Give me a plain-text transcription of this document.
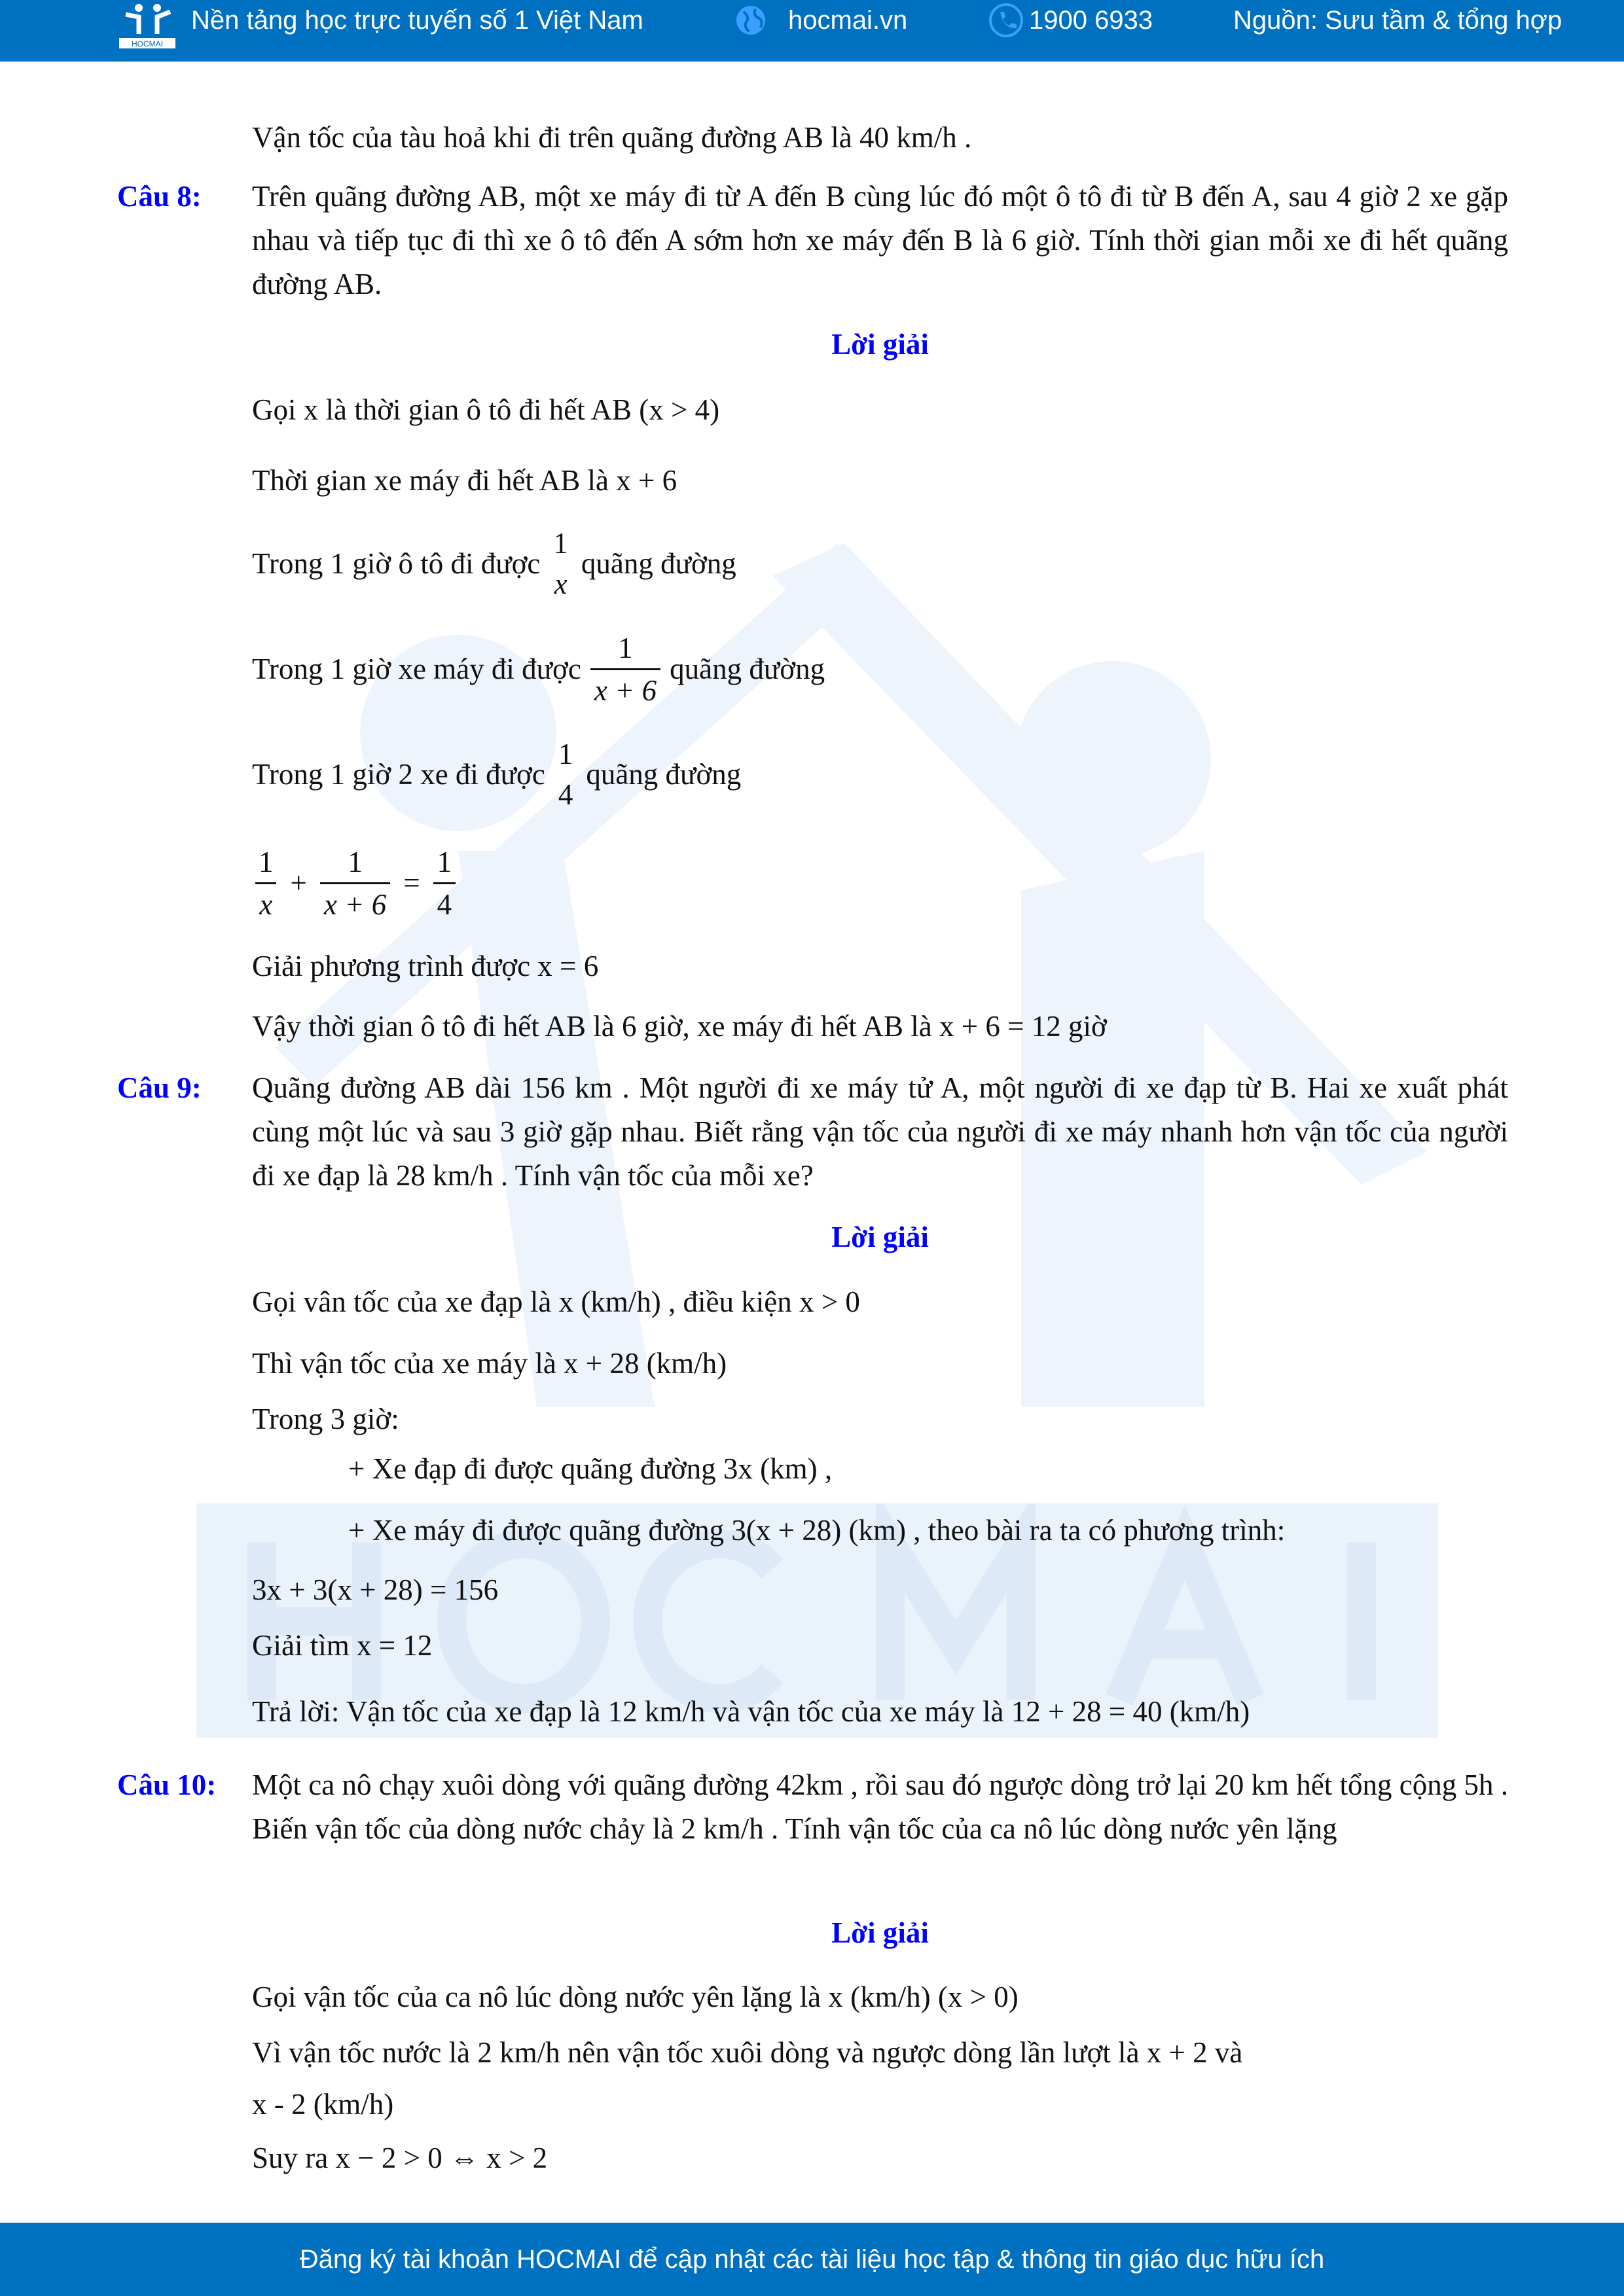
HOCMAI
Nền tảng học trực tuyến số 1 Việt Nam	hocmai.vn	1900 6933	Nguồn: Sưu tầm & tổng hợp
Vận tốc của tàu hoả khi đi trên quãng đường AB là 40 km/h .
Câu 8: Trên quãng đường AB, một xe máy đi từ A đến B cùng lúc đó một ô tô đi từ B đến A, sau 4 giờ 2 xe gặp nhau và tiếp tục đi thì xe ô tô đến A sớm hơn xe máy đến B là 6 giờ. Tính thời gian mỗi xe đi hết quãng đường AB.
Lời giải
Gọi x là thời gian ô tô đi hết AB (x > 4)
Thời gian xe máy đi hết AB là x + 6
Trong 1 giờ ô tô đi được
1
x
quãng đường
Trong 1 giờ xe máy đi được $\frac{1}{x + 6}$ quãng đường
Trong 1 giờ 2 xe đi được
1
4
quãng đường
$\frac{1}{x} + \frac{1}{x + 6} = \frac{1}{4}$
Giải phương trình được x = 6
Vậy thời gian ô tô đi hết AB là 6 giờ, xe máy đi hết AB là x + 6 = 12 giờ
Câu 9: Quãng đường AB dài 156 km . Một người đi xe máy tử A, một người đi xe đạp từ B. Hai xe xuất phát cùng một lúc và sau 3 giờ gặp nhau. Biết rằng vận tốc của người đi xe máy nhanh hơn vận tốc của người đi xe đạp là 28 km/h . Tính vận tốc của mỗi xe?
Lời giải
Gọi vân tốc của xe đạp là x (km/h) , điều kiện x > 0
Thì vận tốc của xe máy là x + 28 (km/h)
Trong 3 giờ:
+ Xe đạp đi được quãng đường 3x (km) ,
+ Xe máy đi được quãng đường 3(x + 28) (km) , theo bài ra ta có phương trình:
3x + 3(x + 28) = 156
Giải tìm x = 12
Trả lời: Vận tốc của xe đạp là 12 km/h và vận tốc của xe máy là 12 + 28 = 40 (km/h)
Câu 10: Một ca nô chạy xuôi dòng với quãng đường 42km , rồi sau đó ngược dòng trở lại 20 km hết tổng cộng 5h . Biến vận tốc của dòng nước chảy là 2 km/h . Tính vận tốc của ca nô lúc dòng nước yên lặng
Lời giải
Gọi vận tốc của ca nô lúc dòng nước yên lặng là x (km/h) (x > 0)
Vì vận tốc nước là 2 km/h nên vận tốc xuôi dòng và ngược dòng lần lượt là x + 2 và
x - 2 (km/h)
Suy ra x − 2 > 0 ⇔ x > 2
Đăng ký tài khoản HOCMAI để cập nhật các tài liệu học tập & thông tin giáo dục hữu ích
